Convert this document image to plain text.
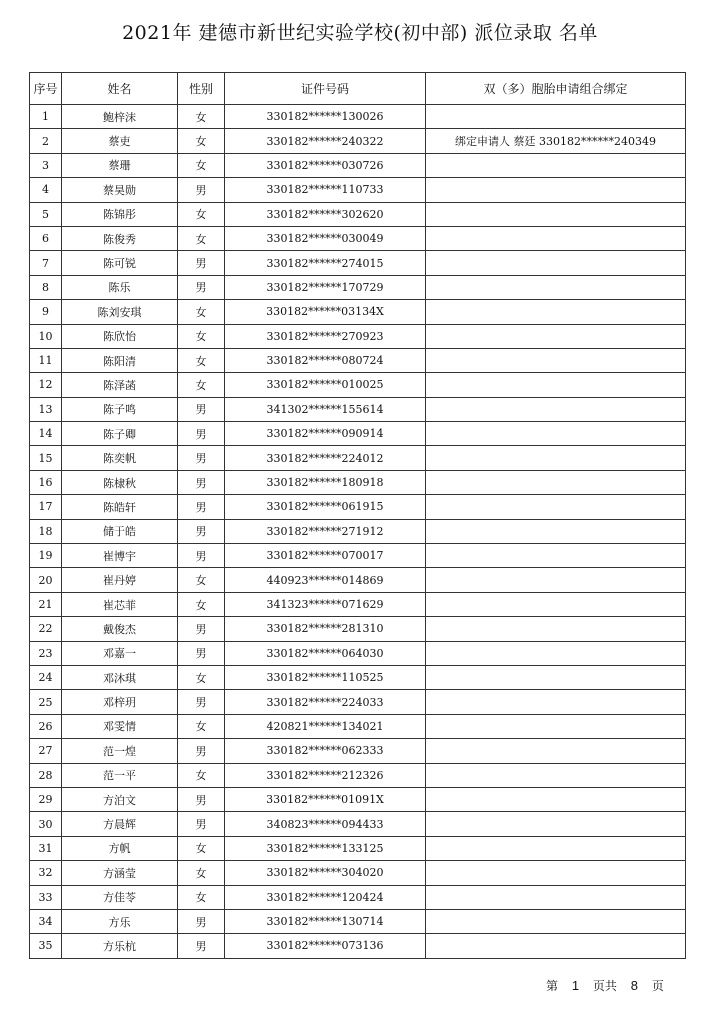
2021年 建德市新世纪实验学校(初中部) 派位录取 名单
序号	姓名	性别	证件号码	双（多）胞胎申请组合绑定
1	鲍梓沫	女	330182******130026	
2	蔡吏	女	330182******240322	绑定申请人 蔡廷 330182******240349
3	蔡珊	女	330182******030726	
4	蔡昊勋	男	330182******110733	
5	陈锦彤	女	330182******302620	
6	陈俊秀	女	330182******030049	
7	陈可锐	男	330182******274015	
8	陈乐	男	330182******170729	
9	陈刘安琪	女	330182******03134X	
10	陈欣怡	女	330182******270923	
11	陈阳清	女	330182******080724	
12	陈泽菡	女	330182******010025	
13	陈子鸣	男	341302******155614	
14	陈子卿	男	330182******090914	
15	陈奕帆	男	330182******224012	
16	陈棣秋	男	330182******180918	
17	陈皓轩	男	330182******061915	
18	储于皓	男	330182******271912	
19	崔博宇	男	330182******070017	
20	崔丹婷	女	440923******014869	
21	崔芯菲	女	341323******071629	
22	戴俊杰	男	330182******281310	
23	邓嘉一	男	330182******064030	
24	邓沐琪	女	330182******110525	
25	邓梓玥	男	330182******224033	
26	邓雯情	女	420821******134021	
27	范一煌	男	330182******062333	
28	范一平	女	330182******212326	
29	方泊文	男	330182******01091X	
30	方晨辉	男	340823******094433	
31	方帆	女	330182******133125	
32	方涵莹	女	330182******304020	
33	方佳苓	女	330182******120424	
34	方乐	男	330182******130714	
35	方乐杭	男	330182******073136	
第 1 页共 8 页
